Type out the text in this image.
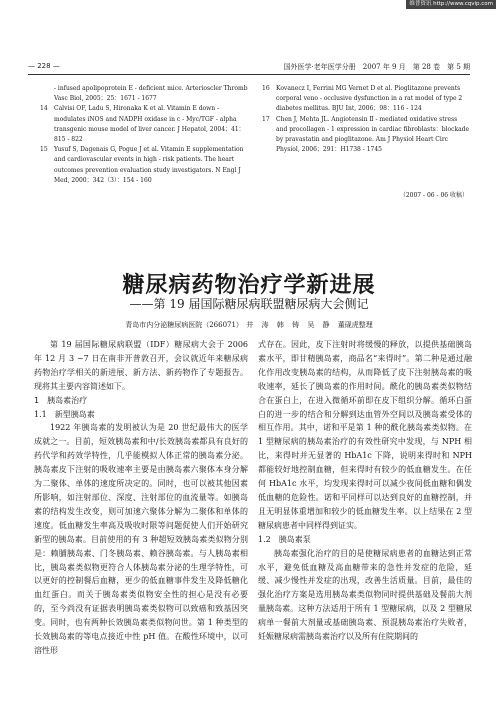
维普资讯 http://www.cqvip.com
— 228 —	国外医学·老年医学分册　2007 年 9 月　第 28 卷　第 5 期
- infused apolipoprotein E - deficient mice. Arterioscler Thromb Vasc Biol, 2005；25：1671 - 1677
14	Calvisi OF, Ladu S, Hironaka K et al. Vitamin E down - modulates iNOS and NADPH oxidase in c - Myc/TGF - alpha transgenic mouse model of liver cancer. J Hepatol, 2004；41：815 - 822
15	Yusuf S, Dagenais G, Pogue J et al. Vitamin E supplementation and cardiovascular events in high - risk patients. The heart outcomes prevention evaluation study investigators. N Engl J Med, 2000；342（3）：154 - 160
16	Kovanecz I, Ferrini MG Vernet D et al. Pioglitazone prevents corporal veno - occlusive dysfunction in a rat model of type 2 diabetes mellitus. BJU Int, 2006；98：116 - 124
17	Chen J, Mehta JL. Angiotensin Ⅱ - mediated oxidative stress and procollagen - 1 expression in cardiac fibroblasts：blockade by pravastatin and pioglitazone. Am J Physiol Heart Circ Physiol, 2006；291：H1738 - 1745
（2007 - 06 - 06 收稿）
糖尿病药物治疗学新进展
——第 19 届国际糖尿病联盟糖尿病大会侧记
青岛市内分泌糖尿病医院（266071）　井 涛 韩 铸 吴 静 董砚虎整理

第 19 届国际糖尿病联盟（IDF）糖尿病大会于 2006 年 12 月 3 ~7 日在南非开普敦召开，会议就近年来糖尿病药物治疗学相关的新进展、新方法、新药物作了专题报告。现将其主要内容简述如下。

1　胰岛素治疗

1.1　新型胰岛素

1922 年胰岛素的发明被认为是 20 世纪最伟大的医学成就之一。目前，短效胰岛素和中/长效胰岛素都具有良好的药代学和药效学特性，几乎能模拟人体正常的胰岛素分泌。胰岛素皮下注射的吸收速率主要是由胰岛素六聚体本身分解为二聚体、单体的速度所决定的。同时，也可以被其他因素所影响，如注射部位、深度、注射部位的血流量等。如胰岛素的结构发生改变，则可加速六聚体分解为二聚体和单体的速度。低血糖发生率高及吸收时限等问题促使人们开始研究新型的胰岛素。目前使用的有 3 种超短效胰岛素类似物分别是：赖脯胰岛素、门冬胰岛素、赖谷胰岛素。与人胰岛素相比，胰岛素类似物更符合人体胰岛素分泌的生理学特性，可以更好的控制餐后血糖，更少的低血糖事件发生及降低糖化血红蛋白。而关于胰岛素类似物安全性的担心是没有必要的，至今尚没有证据表明胰岛素类似物可以致癌和致基因突变。同时，也有两种长效胰岛素类似物问世。第 1 种类型的长效胰岛素的等电点接近中性 pH 值。在酸性环境中，以可溶性形

式存在。因此，皮下注射时将缓慢的释放，以提供基础胰岛素水平，即甘精胰岛素，商品名“来得时”。第二种是通过融化作用改变胰岛素的结构，从而降低了皮下注射胰岛素的吸收速率，延长了胰岛素的作用时间。酰化的胰岛素类似物结合在蛋白上，在进入微循环前即在皮下组织分解。循环白蛋白的进一步的结合和分解到达血管外空间以及胰岛素受体的相互作用。其中，诺和平是第 1 种的酰化胰岛素类似物。在 1 型糖尿病的胰岛素治疗的有效性研究中发现，与 NPH 相比，来得时并无显著的 HbA1c 下降，说明来得时和 NPH 都能较好地控制血糖，但来得时有较少的低血糖发生。在任何 HbA1c 水平，均发现来得时可以减少夜间低血糖和偶发低血糖的危险性。诺和平同样可以达到良好的血糖控制，并且无明显体重增加和较少的低血糖发生率。以上结果在 2 型糖尿病患者中同样得到证实。

1.2　胰岛素泵

胰岛素强化治疗的目的是使糖尿病患者的血糖达到正常水平，避免低血糖及高血糖带来的急性并发症的危险，延缓、减少慢性并发症的出现，改善生活质量。目前，最佳的强化治疗方案是选用胰岛素类似物同时提供基础及餐前大剂量胰岛素。这种方法适用于所有 1 型糖尿病，以及 2 型糖尿病单一餐前大剂量或基础胰岛素、预混胰岛素治疗失败者，妊娠糖尿病需胰岛素治疗以及所有住院期间的
